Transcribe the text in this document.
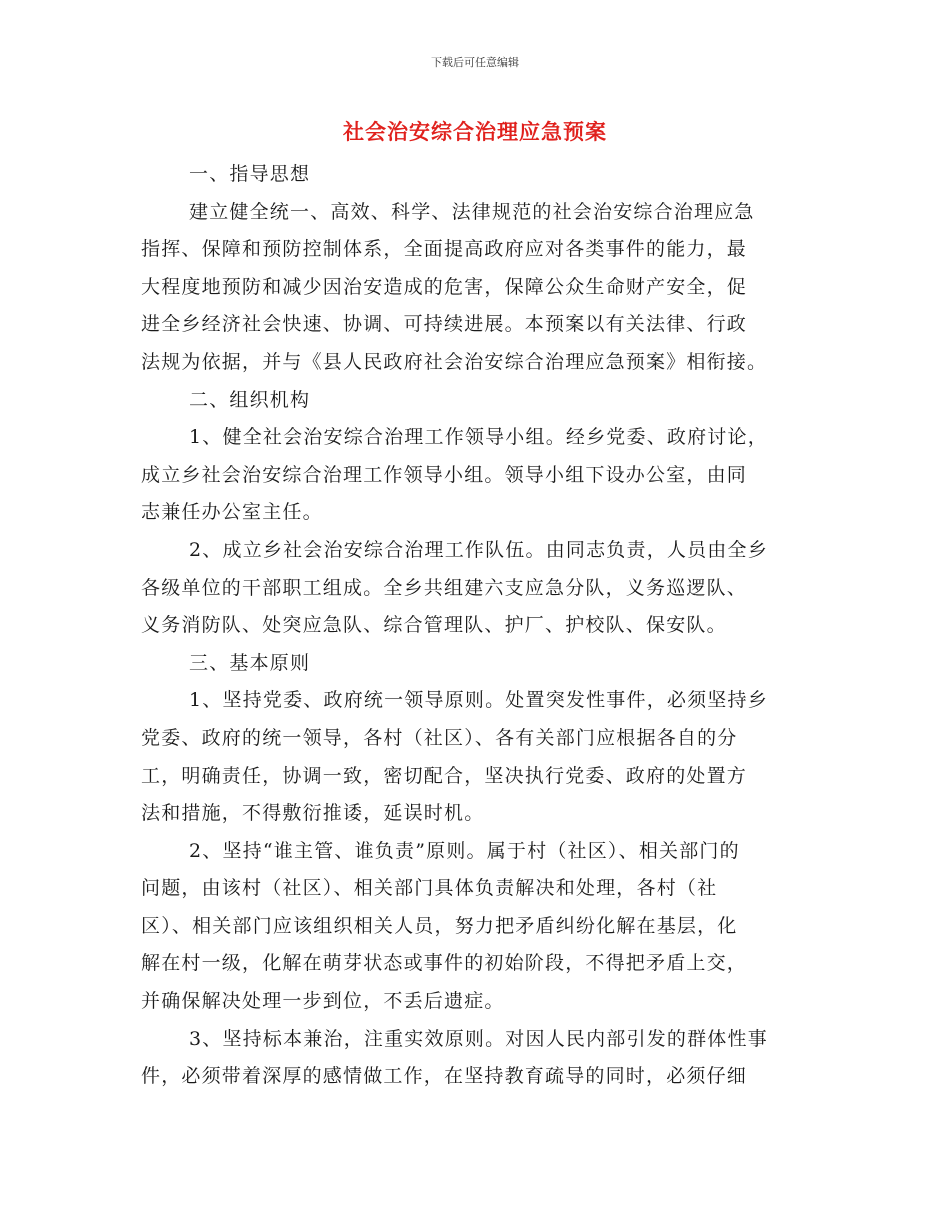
下载后可任意编辑
社会治安综合治理应急预案
一、指导思想
建立健全统一、高效、科学、法律规范的社会治安综合治理应急
指挥、保障和预防控制体系，全面提高政府应对各类事件的能力，最
大程度地预防和减少因治安造成的危害，保障公众生命财产安全，促
进全乡经济社会快速、协调、可持续进展。本预案以有关法律、行政
法规为依据，并与《县人民政府社会治安综合治理应急预案》相衔接。
二、组织机构
1、健全社会治安综合治理工作领导小组。经乡党委、政府讨论，
成立乡社会治安综合治理工作领导小组。领导小组下设办公室，由同
志兼任办公室主任。
2、成立乡社会治安综合治理工作队伍。由同志负责，人员由全乡
各级单位的干部职工组成。全乡共组建六支应急分队，义务巡逻队、
义务消防队、处突应急队、综合管理队、护厂、护校队、保安队。
三、基本原则
1、坚持党委、政府统一领导原则。处置突发性事件，必须坚持乡
党委、政府的统一领导，各村（社区）、各有关部门应根据各自的分
工，明确责任，协调一致，密切配合，坚决执行党委、政府的处置方
法和措施，不得敷衍推诿，延误时机。
2、坚持“谁主管、谁负责”原则。属于村（社区）、相关部门的
问题，由该村（社区）、相关部门具体负责解决和处理，各村（社
区）、相关部门应该组织相关人员，努力把矛盾纠纷化解在基层，化
解在村一级，化解在萌芽状态或事件的初始阶段，不得把矛盾上交，
并确保解决处理一步到位，不丢后遗症。
3、坚持标本兼治，注重实效原则。对因人民内部引发的群体性事
件，必须带着深厚的感情做工作，在坚持教育疏导的同时，必须仔细
